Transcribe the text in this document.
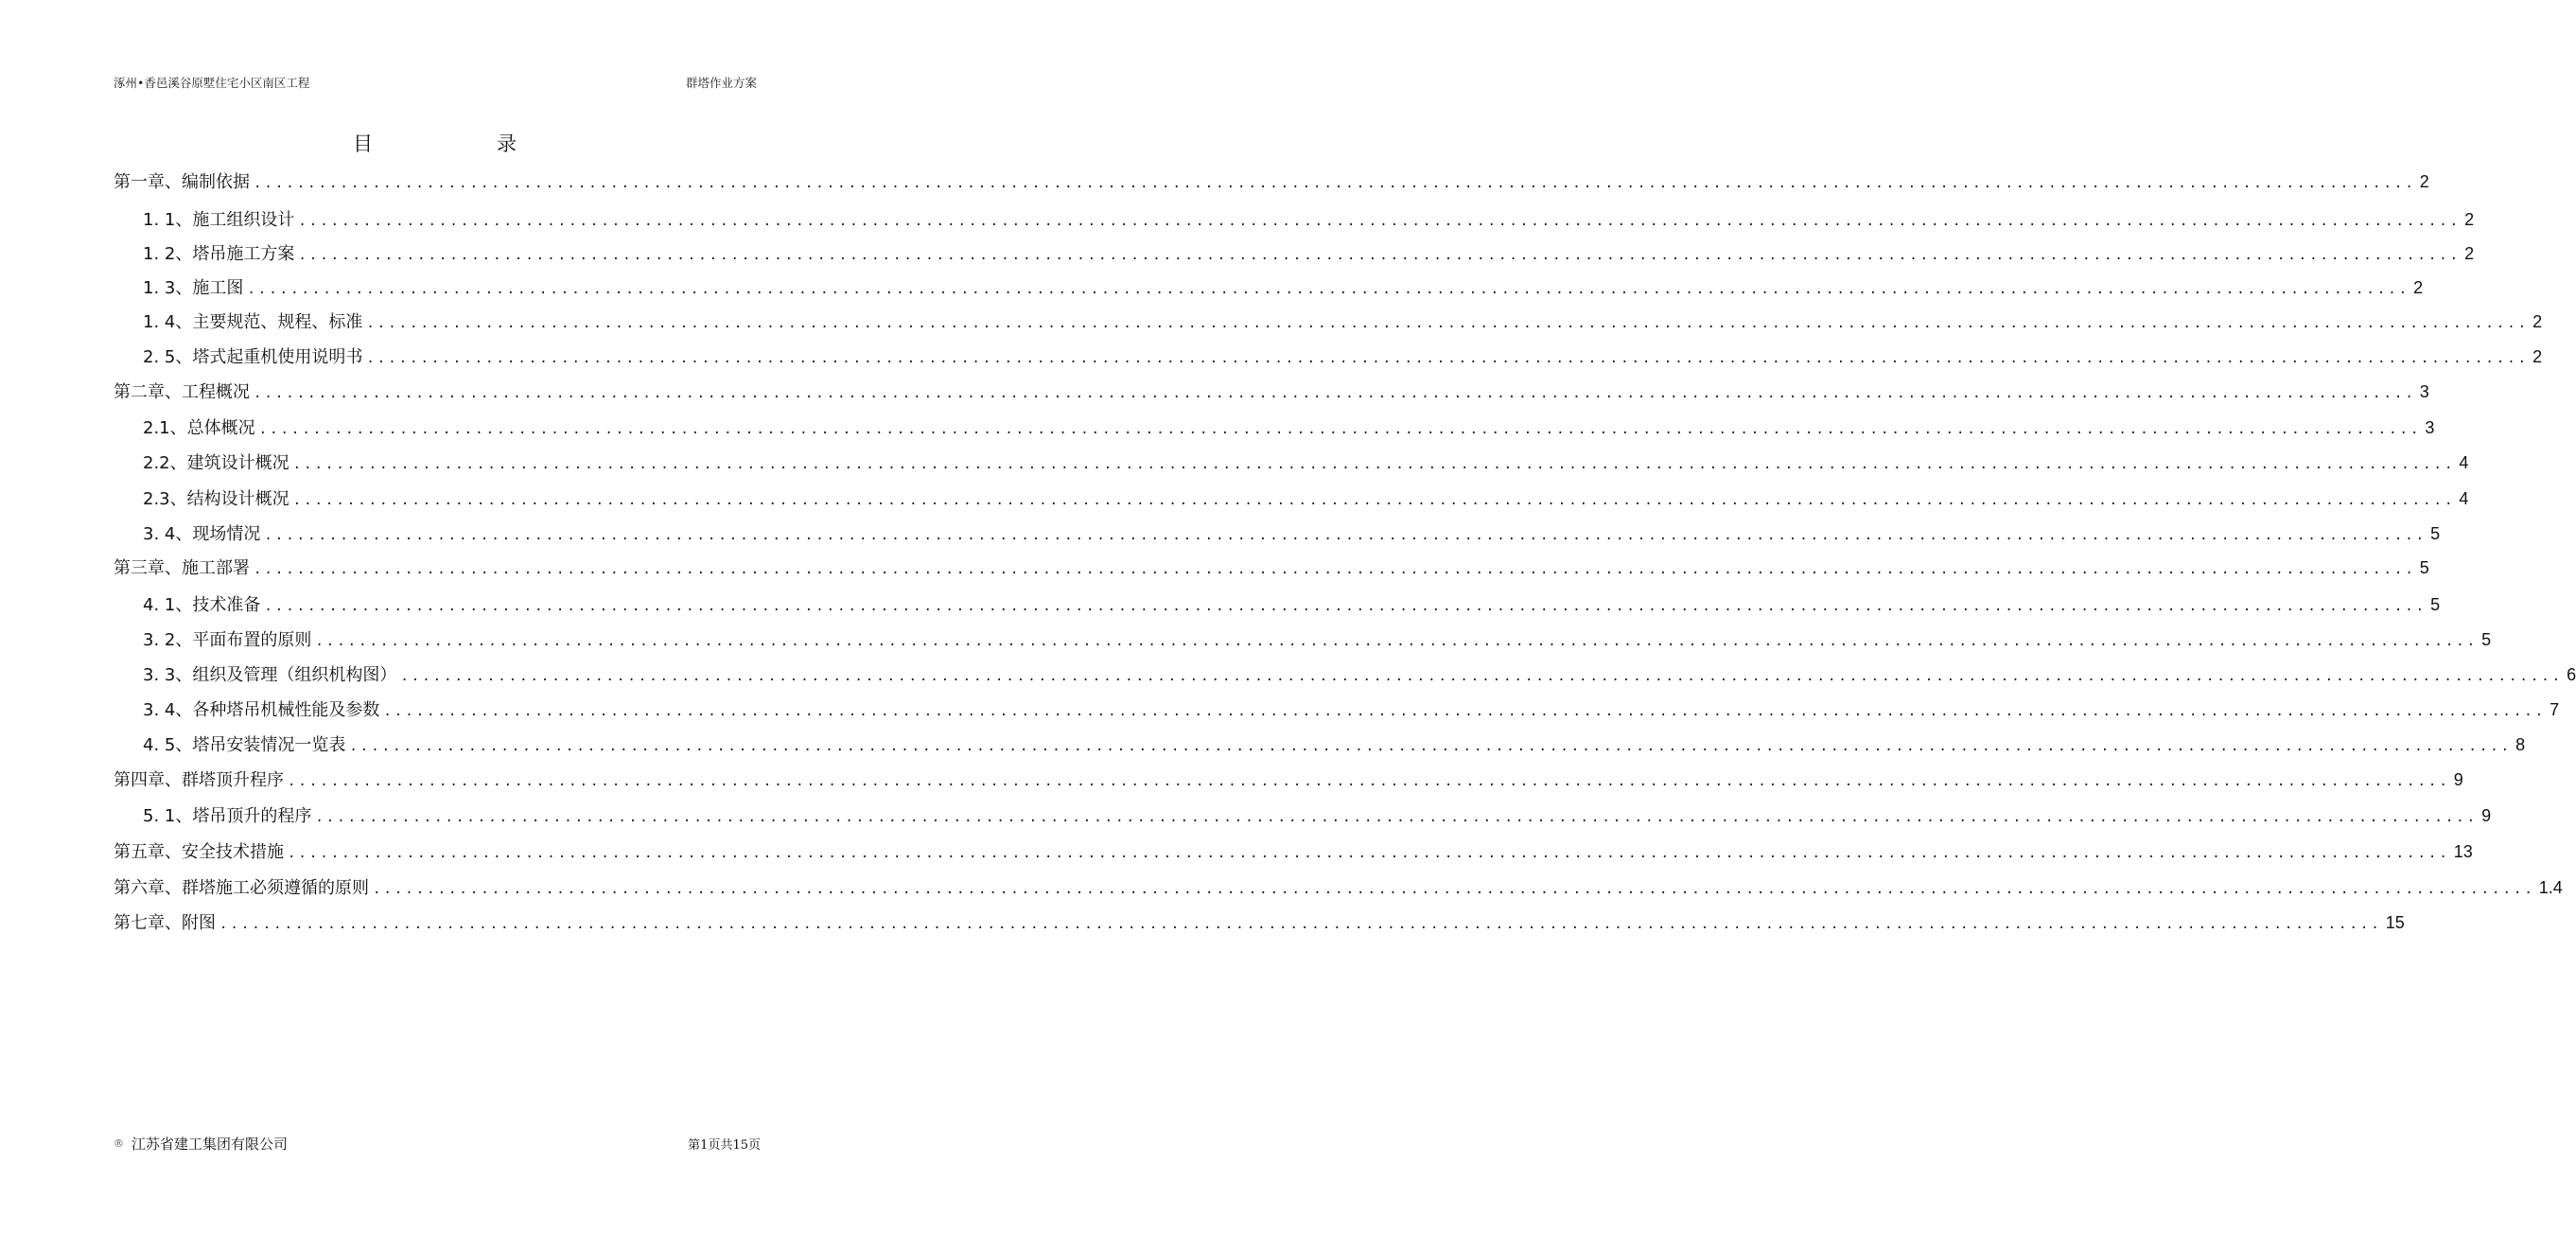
涿州•香邑溪谷原墅住宅小区南区工程	群塔作业方案
目	录
第一章、编制依据 ........................................................................................................................................................................................................ 2
1. 1、施工组织设计 ........................................................................................................................................................................................................ 2
1. 2、塔吊施工方案 ........................................................................................................................................................................................................ 2
1. 3、施工图 ........................................................................................................................................................................................................ 2
1. 4、主要规范、规程、标准 ........................................................................................................................................................................................................ 2
2. 5、塔式起重机使用说明书 ........................................................................................................................................................................................................ 2
第二章、工程概况 ........................................................................................................................................................................................................ 3
2.1、总体概况 ........................................................................................................................................................................................................ 3
2.2、建筑设计概况 ........................................................................................................................................................................................................ 4
2.3、结构设计概况 ........................................................................................................................................................................................................ 4
3. 4、现场情况 ........................................................................................................................................................................................................ 5
第三章、施工部署 ........................................................................................................................................................................................................ 5
4. 1、技术准备 ........................................................................................................................................................................................................ 5
3. 2、平面布置的原则 ........................................................................................................................................................................................................ 5
3. 3、组织及管理（组织机构图） ........................................................................................................................................................................................................ 6
3. 4、各种塔吊机械性能及参数 ........................................................................................................................................................................................................ 7
4. 5、塔吊安装情况一览表 ........................................................................................................................................................................................................ 8
第四章、群塔顶升程序 ........................................................................................................................................................................................................ 9
5. 1、塔吊顶升的程序 ........................................................................................................................................................................................................ 9
第五章、安全技术措施 ........................................................................................................................................................................................................ 13
第六章、群塔施工必须遵循的原则 ........................................................................................................................................................................................................ 1.4
第七章、附图 ........................................................................................................................................................................................................ 15
® 江苏省建工集团有限公司	第1页共15页
